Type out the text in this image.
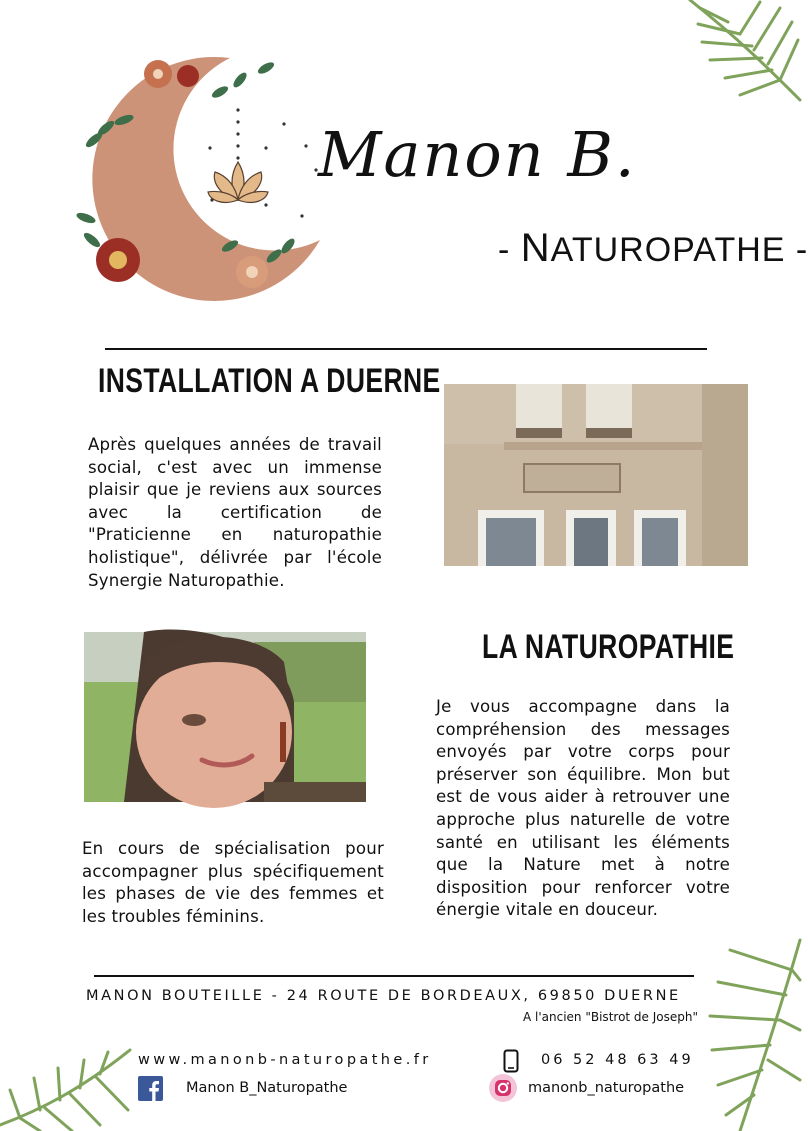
Manon B.
- NATUROPATHE -
INSTALLATION A DUERNE
Après quelques années de travail social, c'est avec un immense plaisir que je reviens aux sources avec la certification de "Praticienne en naturopathie holistique", délivrée par l'école Synergie Naturopathie.
LA NATUROPATHIE
Je vous accompagne dans la compréhension des messages envoyés par votre corps pour préserver son équilibre. Mon but est de vous aider à retrouver une approche plus naturelle de votre santé en utilisant les éléments que la Nature met à notre disposition pour renforcer votre énergie vitale en douceur.
En cours de spécialisation pour accompagner plus spécifiquement les phases de vie des femmes et les troubles féminins.
MANON BOUTEILLE - 24 ROUTE DE BORDEAUX, 69850 DUERNE
A l'ancien "Bistrot de Joseph"
www.manonb-naturopathe.fr	06 52 48 63 49
Manon B_Naturopathe	manonb_naturopathe
